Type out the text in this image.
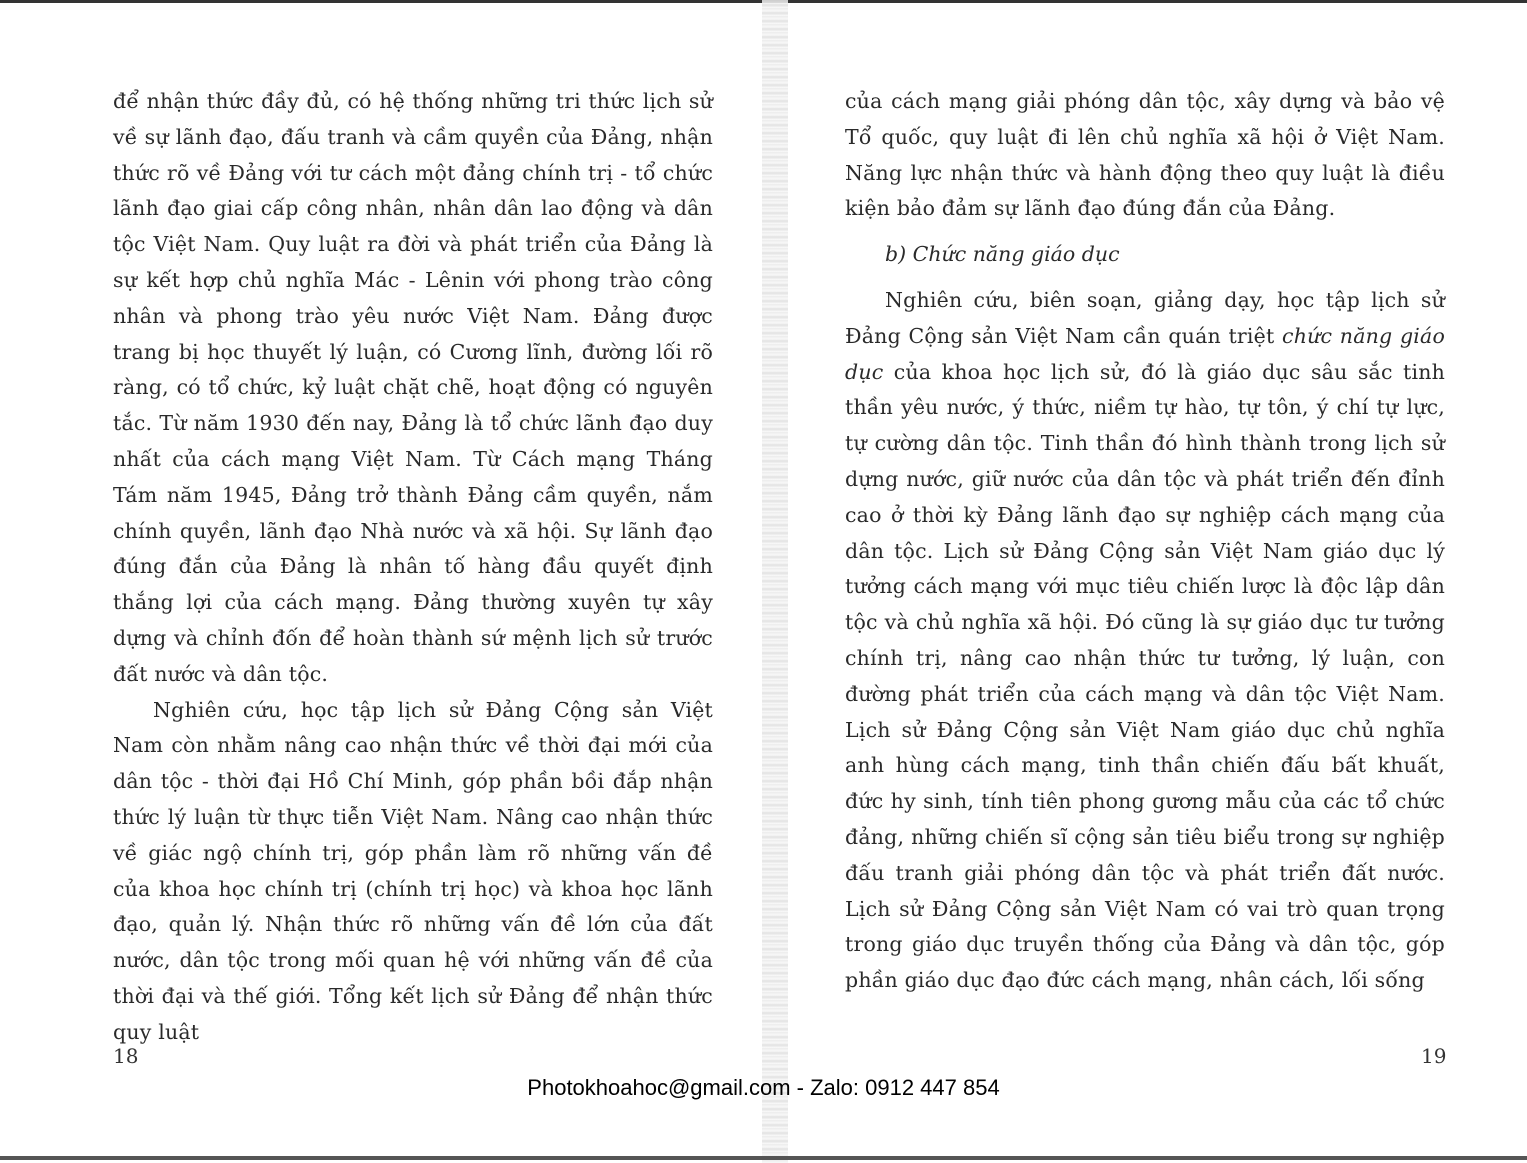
để nhận thức đầy đủ, có hệ thống những tri thức lịch sử về sự lãnh đạo, đấu tranh và cầm quyền của Đảng, nhận thức rõ về Đảng với tư cách một đảng chính trị - tổ chức lãnh đạo giai cấp công nhân, nhân dân lao động và dân tộc Việt Nam. Quy luật ra đời và phát triển của Đảng là sự kết hợp chủ nghĩa Mác - Lênin với phong trào công nhân và phong trào yêu nước Việt Nam. Đảng được trang bị học thuyết lý luận, có Cương lĩnh, đường lối rõ ràng, có tổ chức, kỷ luật chặt chẽ, hoạt động có nguyên tắc. Từ năm 1930 đến nay, Đảng là tổ chức lãnh đạo duy nhất của cách mạng Việt Nam. Từ Cách mạng Tháng Tám năm 1945, Đảng trở thành Đảng cầm quyền, nắm chính quyền, lãnh đạo Nhà nước và xã hội. Sự lãnh đạo đúng đắn của Đảng là nhân tố hàng đầu quyết định thắng lợi của cách mạng. Đảng thường xuyên tự xây dựng và chỉnh đốn để hoàn thành sứ mệnh lịch sử trước đất nước và dân tộc.

Nghiên cứu, học tập lịch sử Đảng Cộng sản Việt Nam còn nhằm nâng cao nhận thức về thời đại mới của dân tộc - thời đại Hồ Chí Minh, góp phần bồi đắp nhận thức lý luận từ thực tiễn Việt Nam. Nâng cao nhận thức về giác ngộ chính trị, góp phần làm rõ những vấn đề của khoa học chính trị (chính trị học) và khoa học lãnh đạo, quản lý. Nhận thức rõ những vấn đề lớn của đất nước, dân tộc trong mối quan hệ với những vấn đề của thời đại và thế giới. Tổng kết lịch sử Đảng để nhận thức quy luật

của cách mạng giải phóng dân tộc, xây dựng và bảo vệ Tổ quốc, quy luật đi lên chủ nghĩa xã hội ở Việt Nam. Năng lực nhận thức và hành động theo quy luật là điều kiện bảo đảm sự lãnh đạo đúng đắn của Đảng.

b) Chức năng giáo dục

Nghiên cứu, biên soạn, giảng dạy, học tập lịch sử Đảng Cộng sản Việt Nam cần quán triệt chức năng giáo dục của khoa học lịch sử, đó là giáo dục sâu sắc tinh thần yêu nước, ý thức, niềm tự hào, tự tôn, ý chí tự lực, tự cường dân tộc. Tinh thần đó hình thành trong lịch sử dựng nước, giữ nước của dân tộc và phát triển đến đỉnh cao ở thời kỳ Đảng lãnh đạo sự nghiệp cách mạng của dân tộc. Lịch sử Đảng Cộng sản Việt Nam giáo dục lý tưởng cách mạng với mục tiêu chiến lược là độc lập dân tộc và chủ nghĩa xã hội. Đó cũng là sự giáo dục tư tưởng chính trị, nâng cao nhận thức tư tưởng, lý luận, con đường phát triển của cách mạng và dân tộc Việt Nam. Lịch sử Đảng Cộng sản Việt Nam giáo dục chủ nghĩa anh hùng cách mạng, tinh thần chiến đấu bất khuất, đức hy sinh, tính tiên phong gương mẫu của các tổ chức đảng, những chiến sĩ cộng sản tiêu biểu trong sự nghiệp đấu tranh giải phóng dân tộc và phát triển đất nước. Lịch sử Đảng Cộng sản Việt Nam có vai trò quan trọng trong giáo dục truyền thống của Đảng và dân tộc, góp phần giáo dục đạo đức cách mạng, nhân cách, lối sống

18	19
Photokhoahoc@gmail.com - Zalo: 0912 447 854
